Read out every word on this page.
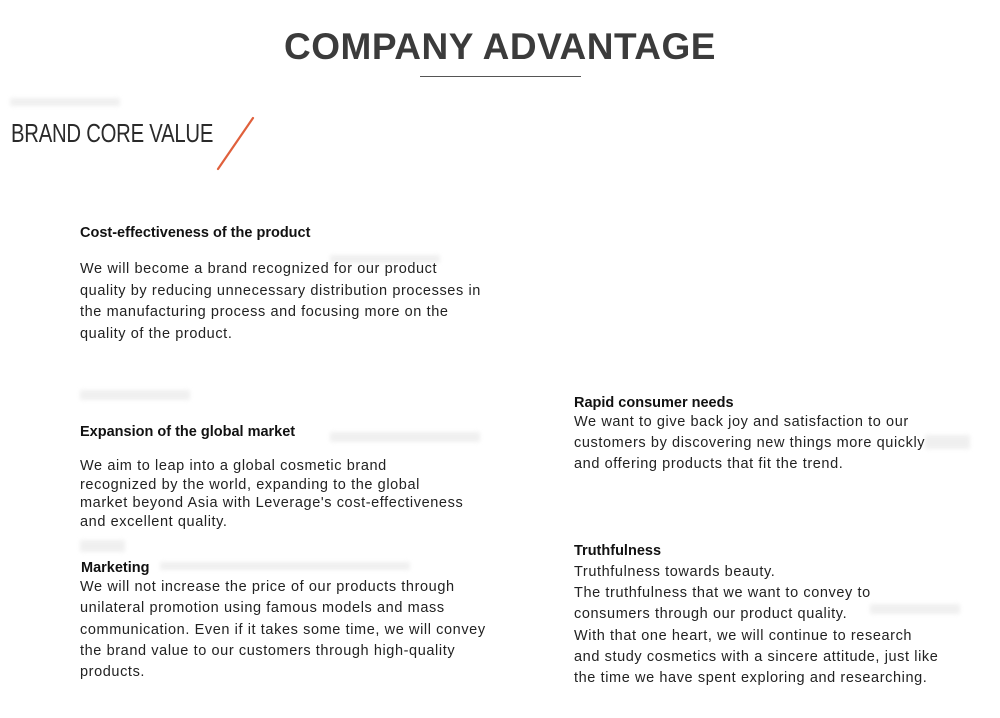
COMPANY ADVANTAGE
BRAND CORE VALUE
Cost-effectiveness of the product

We will become a brand recognized for our product
quality by reducing unnecessary distribution processes in
the manufacturing process and focusing more on the
quality of the product.

Expansion of the global market

We aim to leap into a global cosmetic brand
recognized by the world, expanding to the global
market beyond Asia with Leverage's cost-effectiveness
and excellent quality.

Marketing

We will not increase the price of our products through
unilateral promotion using famous models and mass
communication. Even if it takes some time, we will convey
the brand value to our customers through high-quality
products.

Rapid consumer needs

We want to give back joy and satisfaction to our
customers by discovering new things more quickly
and offering products that fit the trend.

Truthfulness

Truthfulness towards beauty.
The truthfulness that we want to convey to
consumers through our product quality.
With that one heart, we will continue to research
and study cosmetics with a sincere attitude, just like
the time we have spent exploring and researching.
